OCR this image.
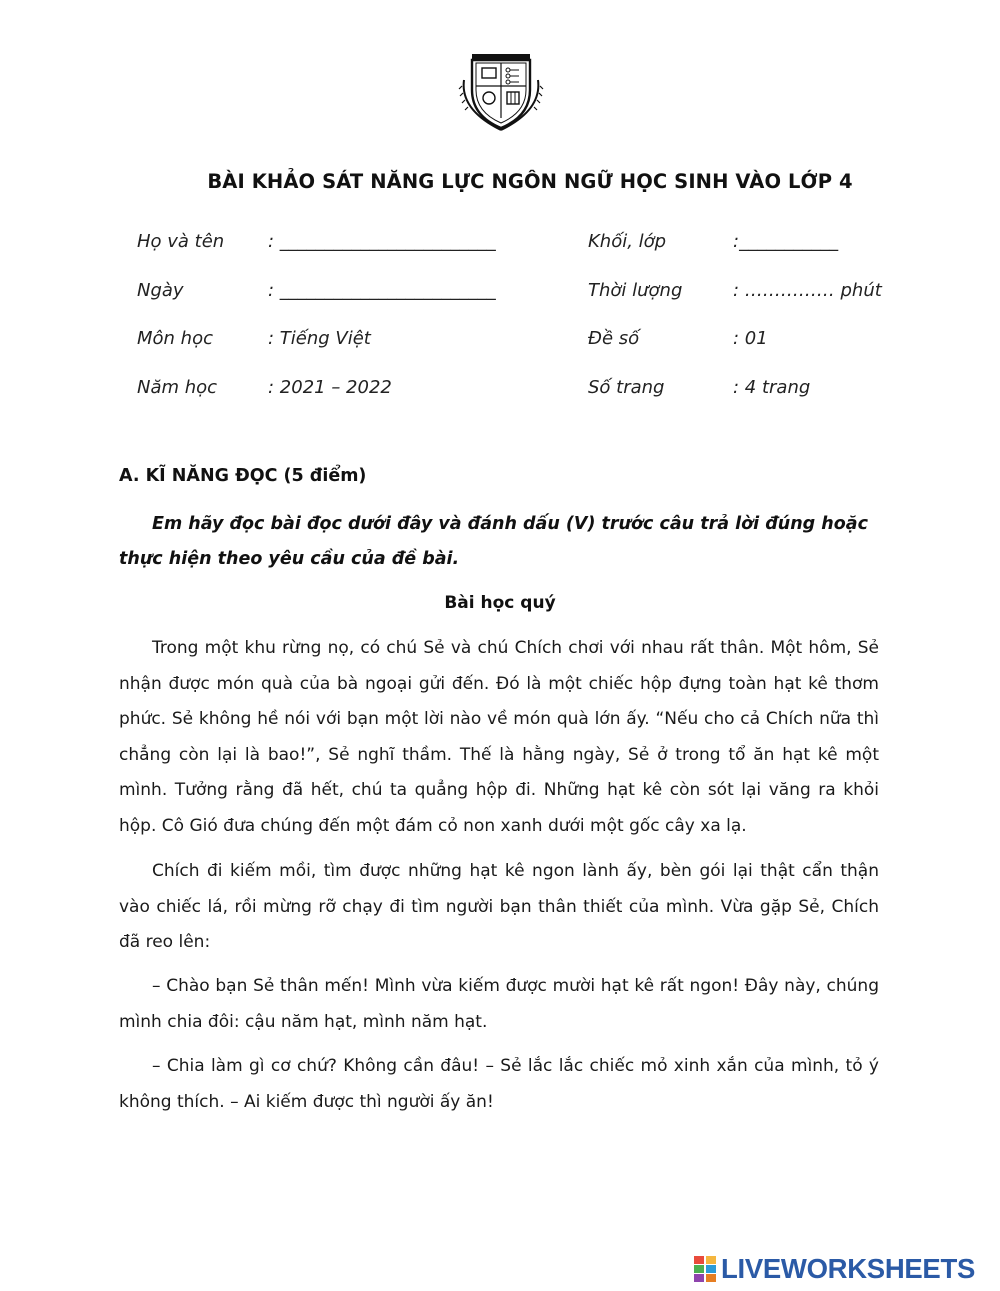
BÀI KHẢO SÁT NĂNG LỰC NGÔN NGỮ HỌC SINH VÀO LỚP 4
Họ và tên : ________________________	Khối, lớp	:___________
Ngày	: ________________________	Thời lượng	: …………… phút
Môn học	: Tiếng Việt	Đề số	: 01
Năm học	: 2021 – 2022	Số trang	: 4 trang
A. KĨ NĂNG ĐỌC (5 điểm)
Em hãy đọc bài đọc dưới đây và đánh dấu (V) trước câu trả lời đúng hoặc thực hiện theo yêu cầu của đề bài.
Bài học quý
Trong một khu rừng nọ, có chú Sẻ và chú Chích chơi với nhau rất thân. Một hôm, Sẻ nhận được món quà của bà ngoại gửi đến. Đó là một chiếc hộp đựng toàn hạt kê thơm phức. Sẻ không hề nói với bạn một lời nào về món quà lớn ấy. “Nếu cho cả Chích nữa thì chẳng còn lại là bao!”, Sẻ nghĩ thầm. Thế là hằng ngày, Sẻ ở trong tổ ăn hạt kê một mình. Tưởng rằng đã hết, chú ta quẳng hộp đi. Những hạt kê còn sót lại văng ra khỏi hộp. Cô Gió đưa chúng đến một đám cỏ non xanh dưới một gốc cây xa lạ.
Chích đi kiếm mồi, tìm được những hạt kê ngon lành ấy, bèn gói lại thật cẩn thận vào chiếc lá, rồi mừng rỡ chạy đi tìm người bạn thân thiết của mình. Vừa gặp Sẻ, Chích đã reo lên:
– Chào bạn Sẻ thân mến! Mình vừa kiếm được mười hạt kê rất ngon! Đây này, chúng mình chia đôi: cậu năm hạt, mình năm hạt.
– Chia làm gì cơ chứ? Không cần đâu! – Sẻ lắc lắc chiếc mỏ xinh xắn của mình, tỏ ý không thích. – Ai kiếm được thì người ấy ăn!
LIVEWORKSHEETS
